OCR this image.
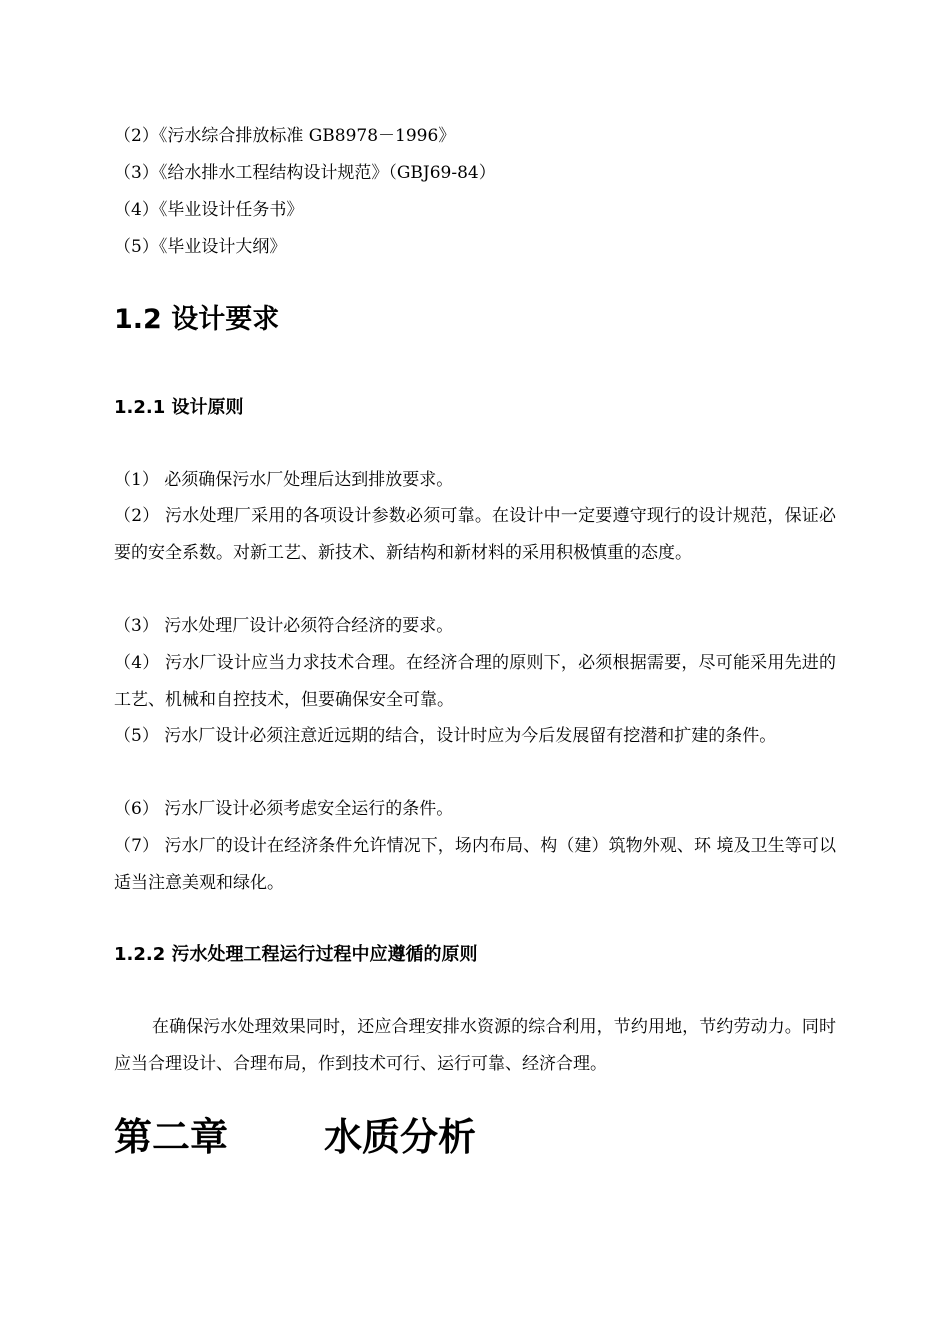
（2）《污水综合排放标准 GB8978－1996》
（3）《给水排水工程结构设计规范》（GBJ69-84）
（4）《毕业设计任务书》
（5）《毕业设计大纲》
1.2 设计要求
1.2.1 设计原则
（1） 必须确保污水厂处理后达到排放要求。
（2） 污水处理厂采用的各项设计参数必须可靠。在设计中一定要遵守现行的设计规范，保证必要的安全系数。对新工艺、新技术、新结构和新材料的采用积极慎重的态度。
（3） 污水处理厂设计必须符合经济的要求。
（4） 污水厂设计应当力求技术合理。在经济合理的原则下，必须根据需要，尽可能采用先进的工艺、机械和自控技术，但要确保安全可靠。
（5） 污水厂设计必须注意近远期的结合，设计时应为今后发展留有挖潜和扩建的条件。
（6） 污水厂设计必须考虑安全运行的条件。
（7） 污水厂的设计在经济条件允许情况下，场内布局、构（建）筑物外观、环 境及卫生等可以适当注意美观和绿化。
1.2.2 污水处理工程运行过程中应遵循的原则
在确保污水处理效果同时，还应合理安排水资源的综合利用，节约用地，节约劳动力。同时应当合理设计、合理布局，作到技术可行、运行可靠、经济合理。
第二章	水质分析
